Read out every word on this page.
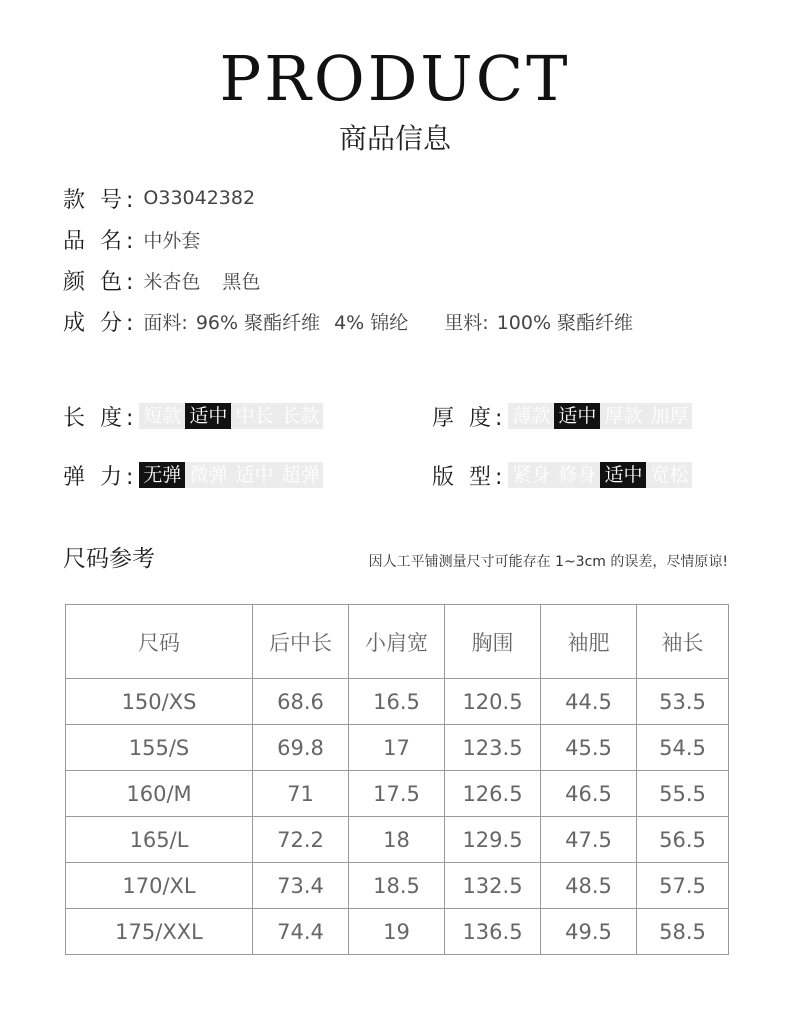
PRODUCT
商品信息
款 号: O33042382
品 名: 中外套
颜 色: 米杏色 黑色
成 分: 面料: 96% 聚酯纤维 4% 锦纶 里料: 100% 聚酯纤维
长 度: 短款 适中 中长 长款	厚 度: 薄款 适中 厚款 加厚
弹 力: 无弹 微弹 适中 超弹	版 型: 紧身 修身 适中 宽松
尺码参考	因人工平铺测量尺寸可能存在 1~3cm 的误差，尽情原谅!
尺码	后中长	小肩宽	胸围	袖肥	袖长
150/XS	68.6	16.5	120.5	44.5	53.5
155/S	69.8	17	123.5	45.5	54.5
160/M	71	17.5	126.5	46.5	55.5
165/L	72.2	18	129.5	47.5	56.5
170/XL	73.4	18.5	132.5	48.5	57.5
175/XXL	74.4	19	136.5	49.5	58.5
